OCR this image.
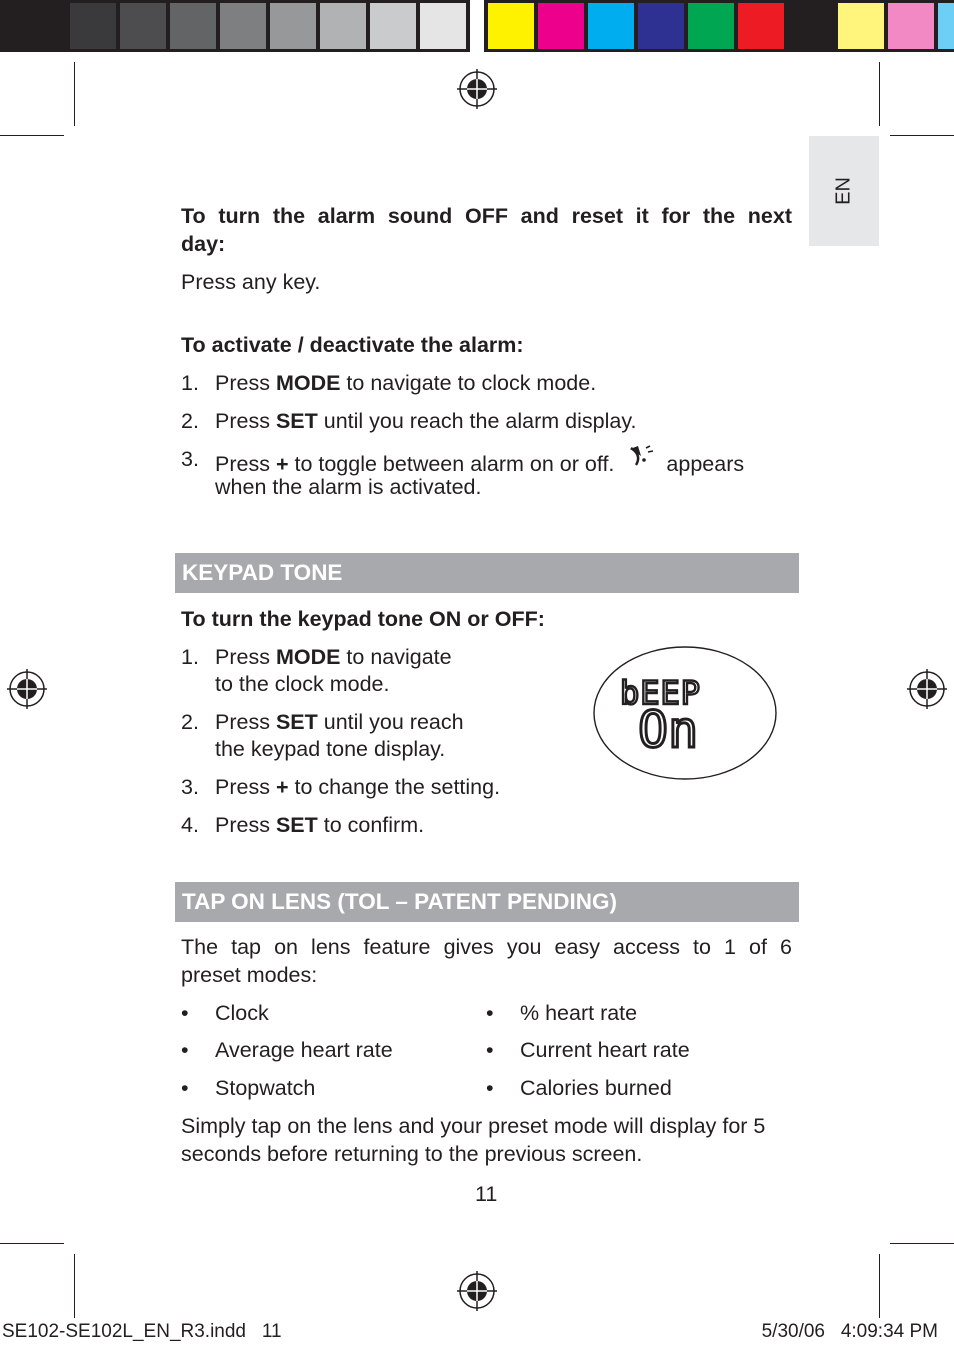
EN
To turn the alarm sound OFF and reset it for the next
day:
Press any key.
To activate / deactivate the alarm:
1. Press MODE to navigate to clock mode.
2. Press SET until you reach the alarm display.
3. Press + to toggle between alarm on or off. appears
when the alarm is activated.
KEYPAD TONE
To turn the keypad tone ON or OFF:
1. Press MODE to navigate
to the clock mode.
2. Press SET until you reach
the keypad tone display.
3. Press + to change the setting.
4. Press SET to confirm.
bEEP
On
TAP ON LENS (TOL – PATENT PENDING)
The tap on lens feature gives you easy access to 1 of 6
preset modes:
• Clock
• Average heart rate
• Stopwatch
• % heart rate
• Current heart rate
• Calories burned
Simply tap on the lens and your preset mode will display for 5
seconds before returning to the previous screen.
11
SE102-SE102L_EN_R3.indd   11	5/30/06   4:09:34 PM
